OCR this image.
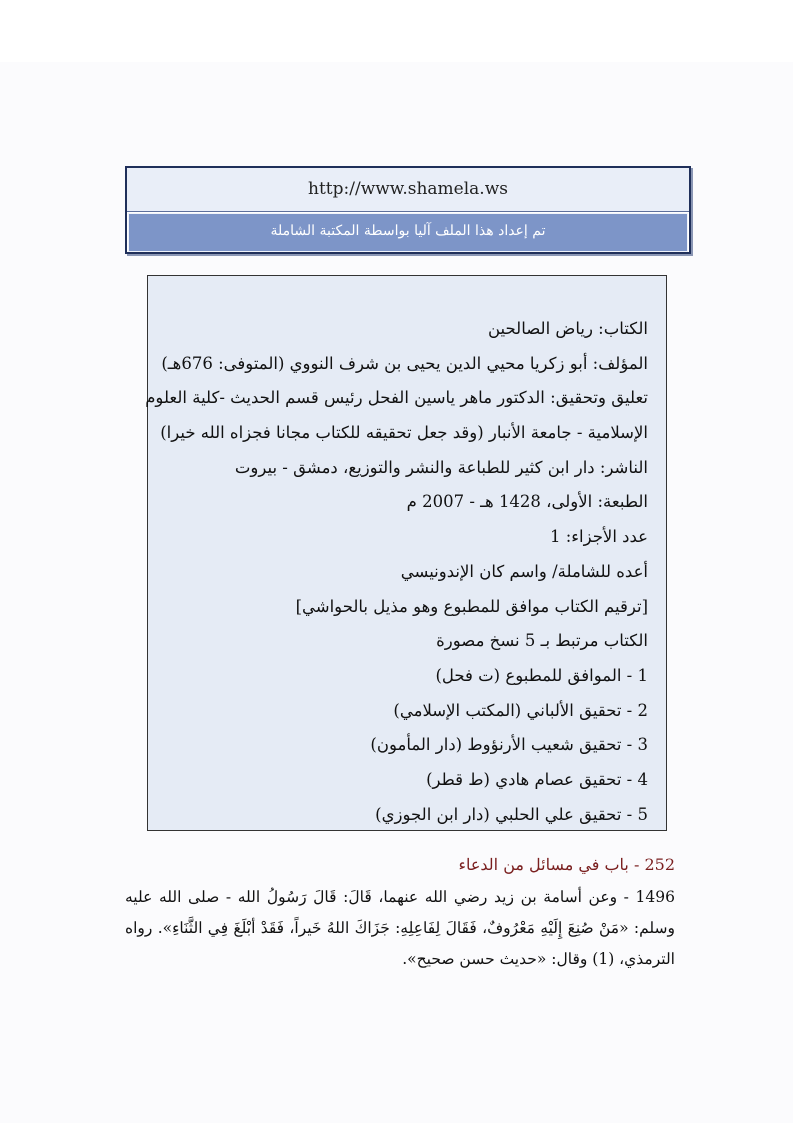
http://www.shamela.ws
تم إعداد هذا الملف آليا بواسطة المكتبة الشاملة
الكتاب: رياض الصالحين
المؤلف: أبو زكريا محيي الدين يحيى بن شرف النووي (المتوفى: 676هـ)
تعليق وتحقيق: الدكتور ماهر ياسين الفحل رئيس قسم الحديث -كلية العلوم
الإسلامية - جامعة الأنبار (وقد جعل تحقيقه للكتاب مجانا فجزاه الله خيرا)
الناشر: دار ابن كثير للطباعة والنشر والتوزيع، دمشق - بيروت
الطبعة: الأولى، 1428 هـ - 2007 م
عدد الأجزاء: 1
أعده للشاملة/ واسم كان الإندونيسي
[ترقيم الكتاب موافق للمطبوع وهو مذيل بالحواشي]
الكتاب مرتبط بـ 5 نسخ مصورة
1 - الموافق للمطبوع (ت فحل)
2 - تحقيق الألباني (المكتب الإسلامي)
3 - تحقيق شعيب الأرنؤوط (دار المأمون)
4 - تحقيق عصام هادي (ط قطر)
5 - تحقيق علي الحلبي (دار ابن الجوزي)
252 - باب في مسائل من الدعاء
1496 - وعن أسامة بن زيد رضي الله عنهما، قَالَ: قَالَ رَسُولُ الله - صلى الله عليه وسلم: «مَنْ صُنِعَ إِلَيْهِ مَعْرُوفٌ، فَقَالَ لِفَاعِلِهِ: جَزَاكَ اللهُ خَيراً، فَقَدْ أبْلَغَ فِي الثَّنَاءِ». رواه الترمذي، (1) وقال: «حديث حسن صحيح».
